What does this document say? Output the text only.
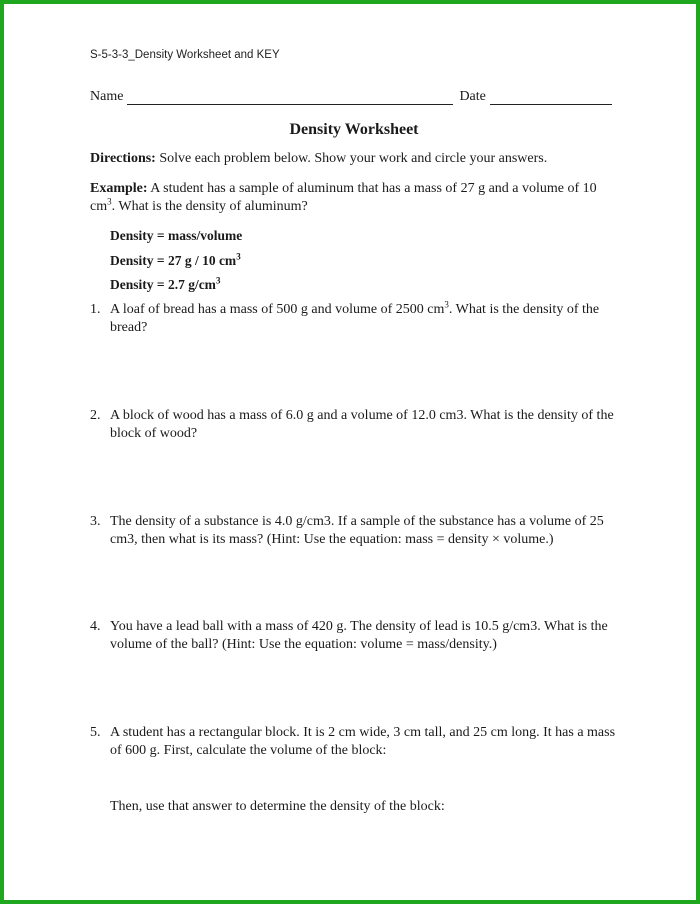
S-5-3-3_Density Worksheet and KEY
Name	Date
Density Worksheet
Directions: Solve each problem below. Show your work and circle your answers.
Example: A student has a sample of aluminum that has a mass of 27 g and a volume of 10 $cm^3$. What is the density of aluminum?
Density = mass/volume
Density = 27 g / 10 $cm^3$
Density = 2.7 $g/cm^3$
1. A loaf of bread has a mass of 500 g and volume of 2500 $cm^3$. What is the density of the bread?
2. A block of wood has a mass of 6.0 g and a volume of 12.0 cm3. What is the density of the block of wood?
3. The density of a substance is 4.0 g/cm3. If a sample of the substance has a volume of 25 cm3, then what is its mass? (Hint: Use the equation: mass = density × volume.)
4. You have a lead ball with a mass of 420 g. The density of lead is 10.5 g/cm3. What is the volume of the ball? (Hint: Use the equation: volume = mass/density.)
5. A student has a rectangular block. It is 2 cm wide, 3 cm tall, and 25 cm long. It has a mass of 600 g. First, calculate the volume of the block:
Then, use that answer to determine the density of the block:
